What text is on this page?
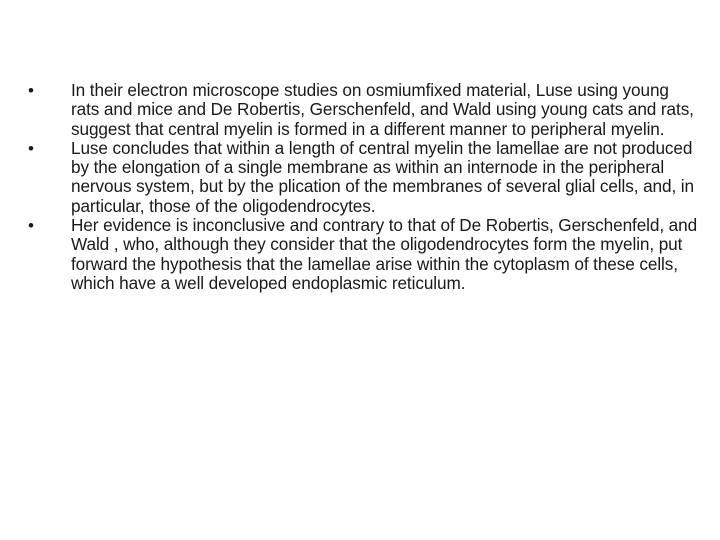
•	In their electron microscope studies on osmiumfixed material, Luse using young rats and mice and De Robertis, Gerschenfeld, and Wald using young cats and rats, suggest that central myelin is formed in a different manner to peripheral myelin.
•	Luse concludes that within a length of central myelin the lamellae are not produced by the elongation of a single membrane as within an internode in the peripheral nervous system, but by the plication of the membranes of several glial cells, and, in particular, those of the oligodendrocytes.
•	Her evidence is inconclusive and contrary to that of De Robertis, Gerschenfeld, and Wald , who, although they consider that the oligodendrocytes form the myelin, put forward the hypothesis that the lamellae arise within the cytoplasm of these cells, which have a well developed endoplasmic reticulum.
